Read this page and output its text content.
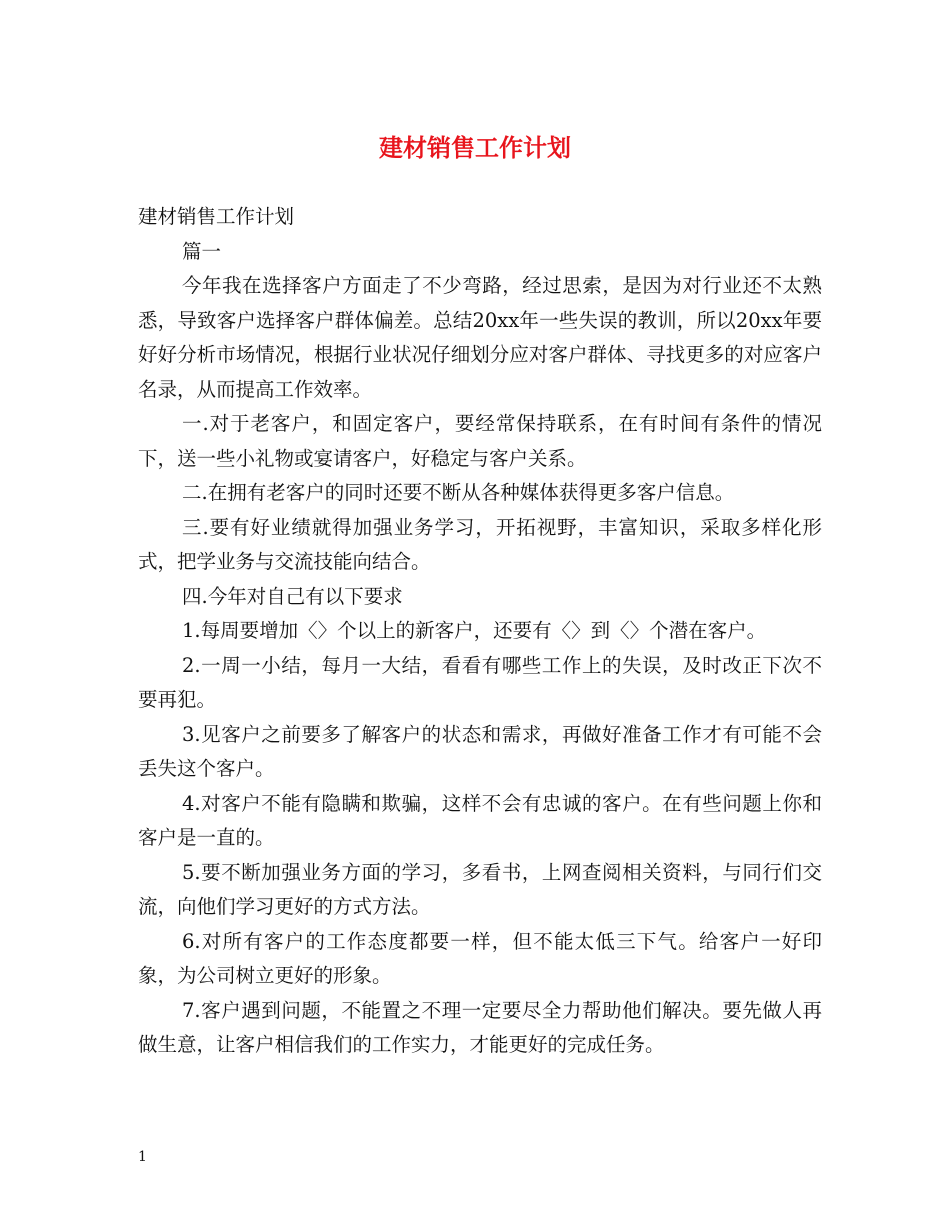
建材销售工作计划

建材销售工作计划

篇一

今年我在选择客户方面走了不少弯路，经过思索，是因为对行业还不太熟悉，导致客户选择客户群体偏差。总结20xx年一些失误的教训，所以20xx年要好好分析市场情况，根据行业状况仔细划分应对客户群体、寻找更多的对应客户名录，从而提高工作效率。

一.对于老客户，和固定客户，要经常保持联系，在有时间有条件的情况下，送一些小礼物或宴请客户，好稳定与客户关系。

二.在拥有老客户的同时还要不断从各种媒体获得更多客户信息。

三.要有好业绩就得加强业务学习，开拓视野，丰富知识，采取多样化形式，把学业务与交流技能向结合。

四.今年对自己有以下要求

1.每周要增加〈〉个以上的新客户，还要有〈〉到〈〉个潜在客户。

2.一周一小结，每月一大结，看看有哪些工作上的失误，及时改正下次不要再犯。

3.见客户之前要多了解客户的状态和需求，再做好准备工作才有可能不会丢失这个客户。

4.对客户不能有隐瞒和欺骗，这样不会有忠诚的客户。在有些问题上你和客户是一直的。

5.要不断加强业务方面的学习，多看书，上网查阅相关资料，与同行们交流，向他们学习更好的方式方法。

6.对所有客户的工作态度都要一样，但不能太低三下气。给客户一好印象，为公司树立更好的形象。

7.客户遇到问题，不能置之不理一定要尽全力帮助他们解决。要先做人再做生意，让客户相信我们的工作实力，才能更好的完成任务。

1
